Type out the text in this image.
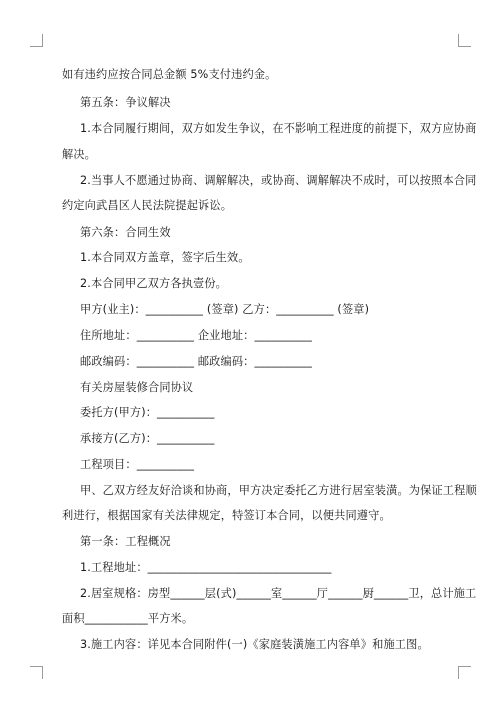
如有违约应按合同总金额 5%支付违约金。
第五条：争议解决
1.本合同履行期间，双方如发生争议，在不影响工程进度的前提下，双方应协商
解决。
2.当事人不愿通过协商、调解解决，或协商、调解解决不成时，可以按照本合同
约定向武昌区人民法院提起诉讼。
第六条：合同生效
1.本合同双方盖章，签字后生效。
2.本合同甲乙双方各执壹份。
甲方(业主)：__________ (签章) 乙方：__________ (签章)
住所地址：__________ 企业地址：__________
邮政编码：__________ 邮政编码：__________
有关房屋装修合同协议
委托方(甲方)：__________
承接方(乙方)：__________
工程项目：__________
甲、乙双方经友好洽谈和协商，甲方决定委托乙方进行居室装潢。为保证工程顺
利进行，根据国家有关法律规定，特签订本合同，以便共同遵守。
第一条：工程概况
1.工程地址：________________________________
2.居室规格：房型______层(式)______室______厅______厨______卫，总计施工
面积___________平方米。
3.施工内容：详见本合同附件(一)《家庭装潢施工内容单》和施工图。
